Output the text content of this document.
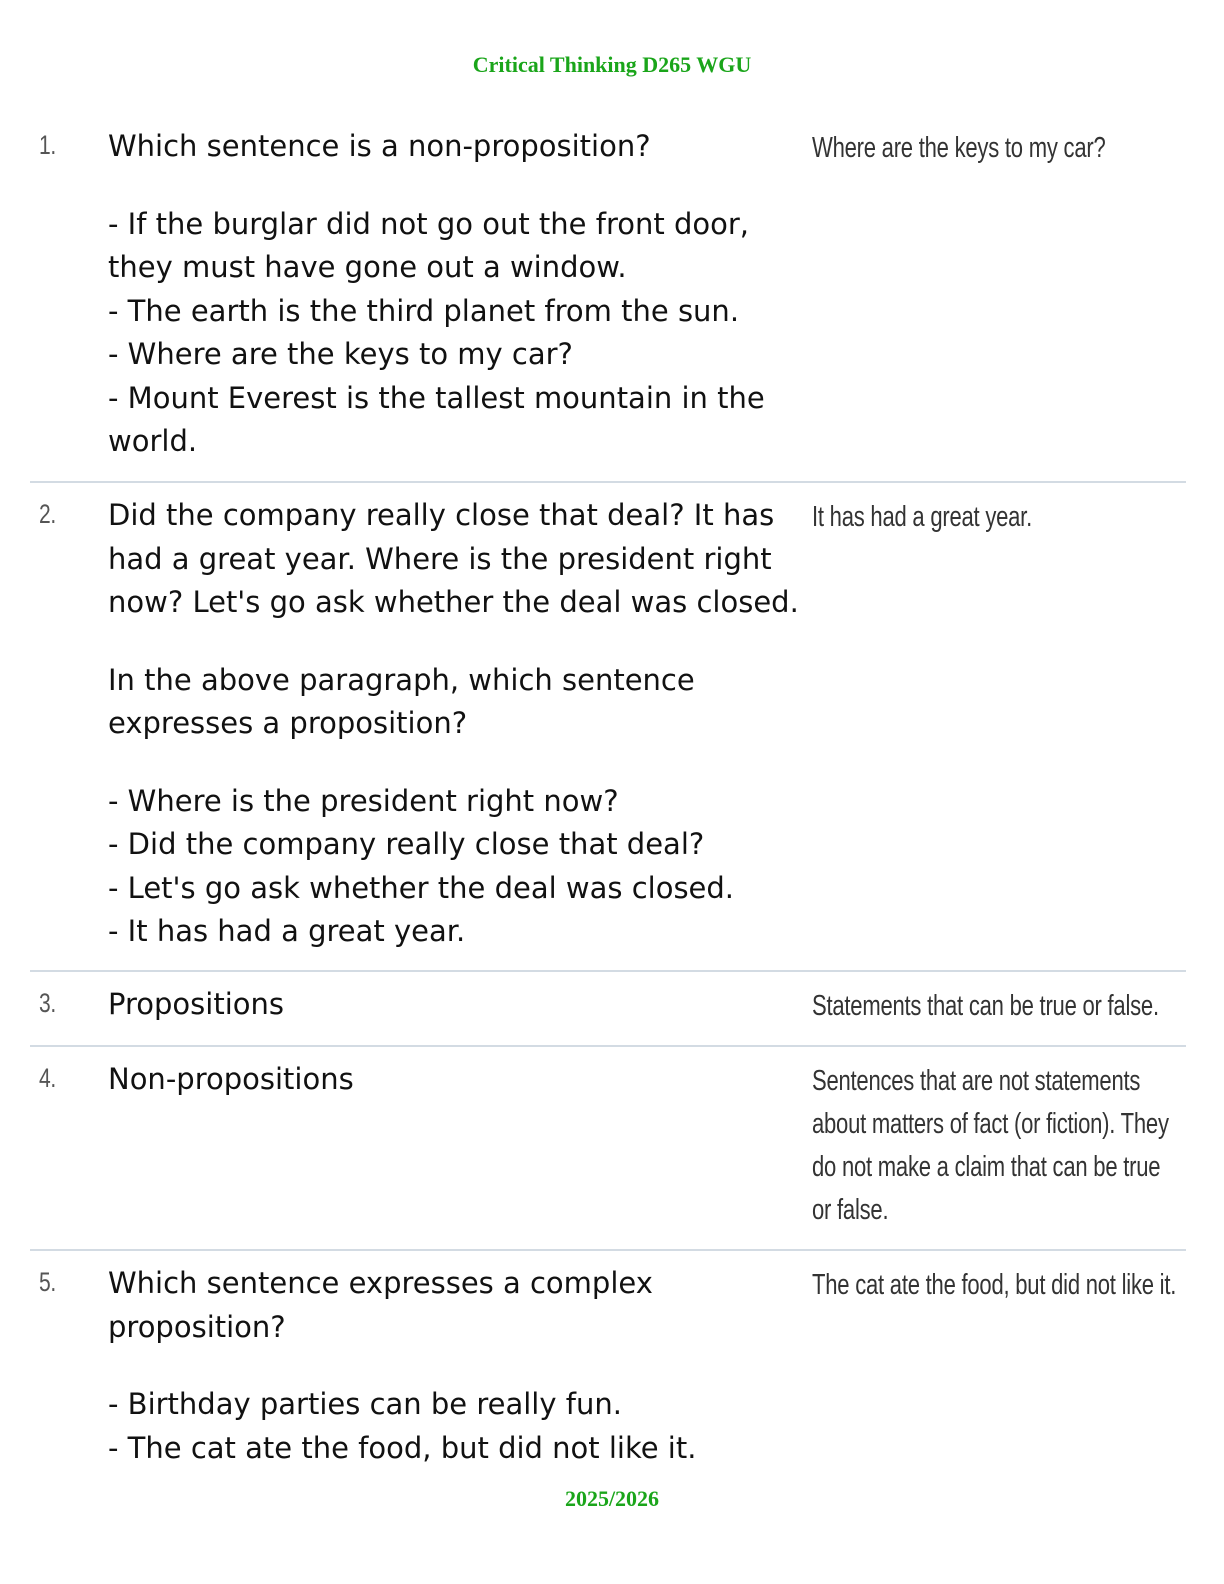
Critical Thinking D265 WGU
1. Which sentence is a non-proposition?

- If the burglar did not go out the front door, they must have gone out a window.

- The earth is the third planet from the sun.

- Where are the keys to my car?

- Mount Everest is the tallest mountain in the world.

Where are the keys to my car?
2. Did the company really close that deal? It has had a great year. Where is the president right now? Let's go ask whether the deal was closed.

In the above paragraph, which sentence expresses a proposition?

- Where is the president right now?

- Did the company really close that deal?

- Let's go ask whether the deal was closed.

- It has had a great year.

It has had a great year.
3. Propositions	Statements that can be true or false.
4. Non-propositions	Sentences that are not statements about matters of fact (or fiction). They do not make a claim that can be true or false.
5. Which sentence expresses a complex proposition?

- Birthday parties can be really fun.

- The cat ate the food, but did not like it.

The cat ate the food, but did not like it.
2025/2026
